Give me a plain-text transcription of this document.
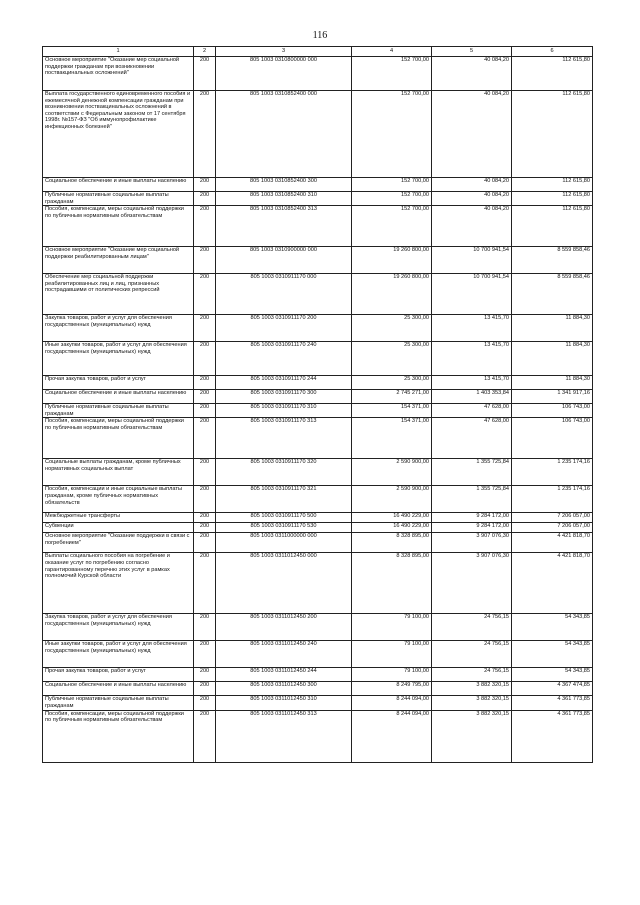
116
1	2	3	4	5	6
Основное мероприятие "Оказание мер социальной поддержки гражданам при возникновении поствакцинальных осложнений"	200	805 1003 0310800000 000	152 700,00	40 084,20	112 615,80
Выплата государственного единовременного пособия и ежемесячной денежной компенсации гражданам при возникновении поствакцинальных осложнений в соответствии с Федеральным законом от 17 сентября 1998г. №157-ФЗ "Об иммунопрофилактике инфекционных болезней"	200	805 1003 0310852400 000	152 700,00	40 084,20	112 615,80
Социальное обеспечение и иные выплаты населению	200	805 1003 0310852400 300	152 700,00	40 084,20	112 615,80
Публичные нормативные социальные выплаты гражданам	200	805 1003 0310852400 310	152 700,00	40 084,20	112 615,80
Пособия, компенсации, меры социальной поддержки по публичным нормативным обязательствам	200	805 1003 0310852400 313	152 700,00	40 084,20	112 615,80
Основное мероприятие "Оказание мер социальной поддержки реабилитированным лицам"	200	805 1003 0310900000 000	19 260 800,00	10 700 941,54	8 559 858,46
Обеспечение мер социальной поддержки реабилитированных лиц и лиц, признанных пострадавшими от политических репрессий	200	805 1003 0310911170 000	19 260 800,00	10 700 941,54	8 559 858,46
Закупка товаров, работ и услуг для обеспечения государственных (муниципальных) нужд	200	805 1003 0310911170 200	25 300,00	13 415,70	11 884,30
Иные закупки товаров, работ и услуг для обеспечения государственных (муниципальных) нужд	200	805 1003 0310911170 240	25 300,00	13 415,70	11 884,30
Прочая закупка товаров, работ и услуг	200	805 1003 0310911170 244	25 300,00	13 415,70	11 884,30
Социальное обеспечение и иные выплаты населению	200	805 1003 0310911170 300	2 745 271,00	1 403 353,84	1 341 917,16
Публичные нормативные социальные выплаты гражданам	200	805 1003 0310911170 310	154 371,00	47 628,00	106 743,00
Пособия, компенсации, меры социальной поддержки по публичным нормативным обязательствам	200	805 1003 0310911170 313	154 371,00	47 628,00	106 743,00
Социальные выплаты гражданам, кроме публичных нормативных социальных выплат	200	805 1003 0310911170 320	2 590 900,00	1 355 725,84	1 235 174,16
Пособия, компенсации и иные социальные выплаты гражданам, кроме публичных нормативных обязательств	200	805 1003 0310911170 321	2 590 900,00	1 355 725,84	1 235 174,16
Межбюджетные трансферты	200	805 1003 0310911170 500	16 490 229,00	9 284 172,00	7 206 057,00
Субвенции	200	805 1003 0310911170 530	16 490 229,00	9 284 172,00	7 206 057,00
Основное мероприятие "Оказание поддержки в связи с погребением"	200	805 1003 0311000000 000	8 328 895,00	3 907 076,30	4 421 818,70
Выплаты социального пособия на погребение и оказание услуг по погребению согласно гарантированному перечню этих услуг в рамках полномочий Курской области	200	805 1003 0311012450 000	8 328 895,00	3 907 076,30	4 421 818,70
Закупка товаров, работ и услуг для обеспечения государственных (муниципальных) нужд	200	805 1003 0311012450 200	79 100,00	24 756,15	54 343,85
Иные закупки товаров, работ и услуг для обеспечения государственных (муниципальных) нужд	200	805 1003 0311012450 240	79 100,00	24 756,15	54 343,85
Прочая закупка товаров, работ и услуг	200	805 1003 0311012450 244	79 100,00	24 756,15	54 343,85
Социальное обеспечение и иные выплаты населению	200	805 1003 0311012450 300	8 249 795,00	3 882 320,15	4 367 474,85
Публичные нормативные социальные выплаты гражданам	200	805 1003 0311012450 310	8 244 094,00	3 882 320,15	4 361 773,85
Пособия, компенсации, меры социальной поддержки по публичным нормативным обязательствам	200	805 1003 0311012450 313	8 244 094,00	3 882 320,15	4 361 773,85
